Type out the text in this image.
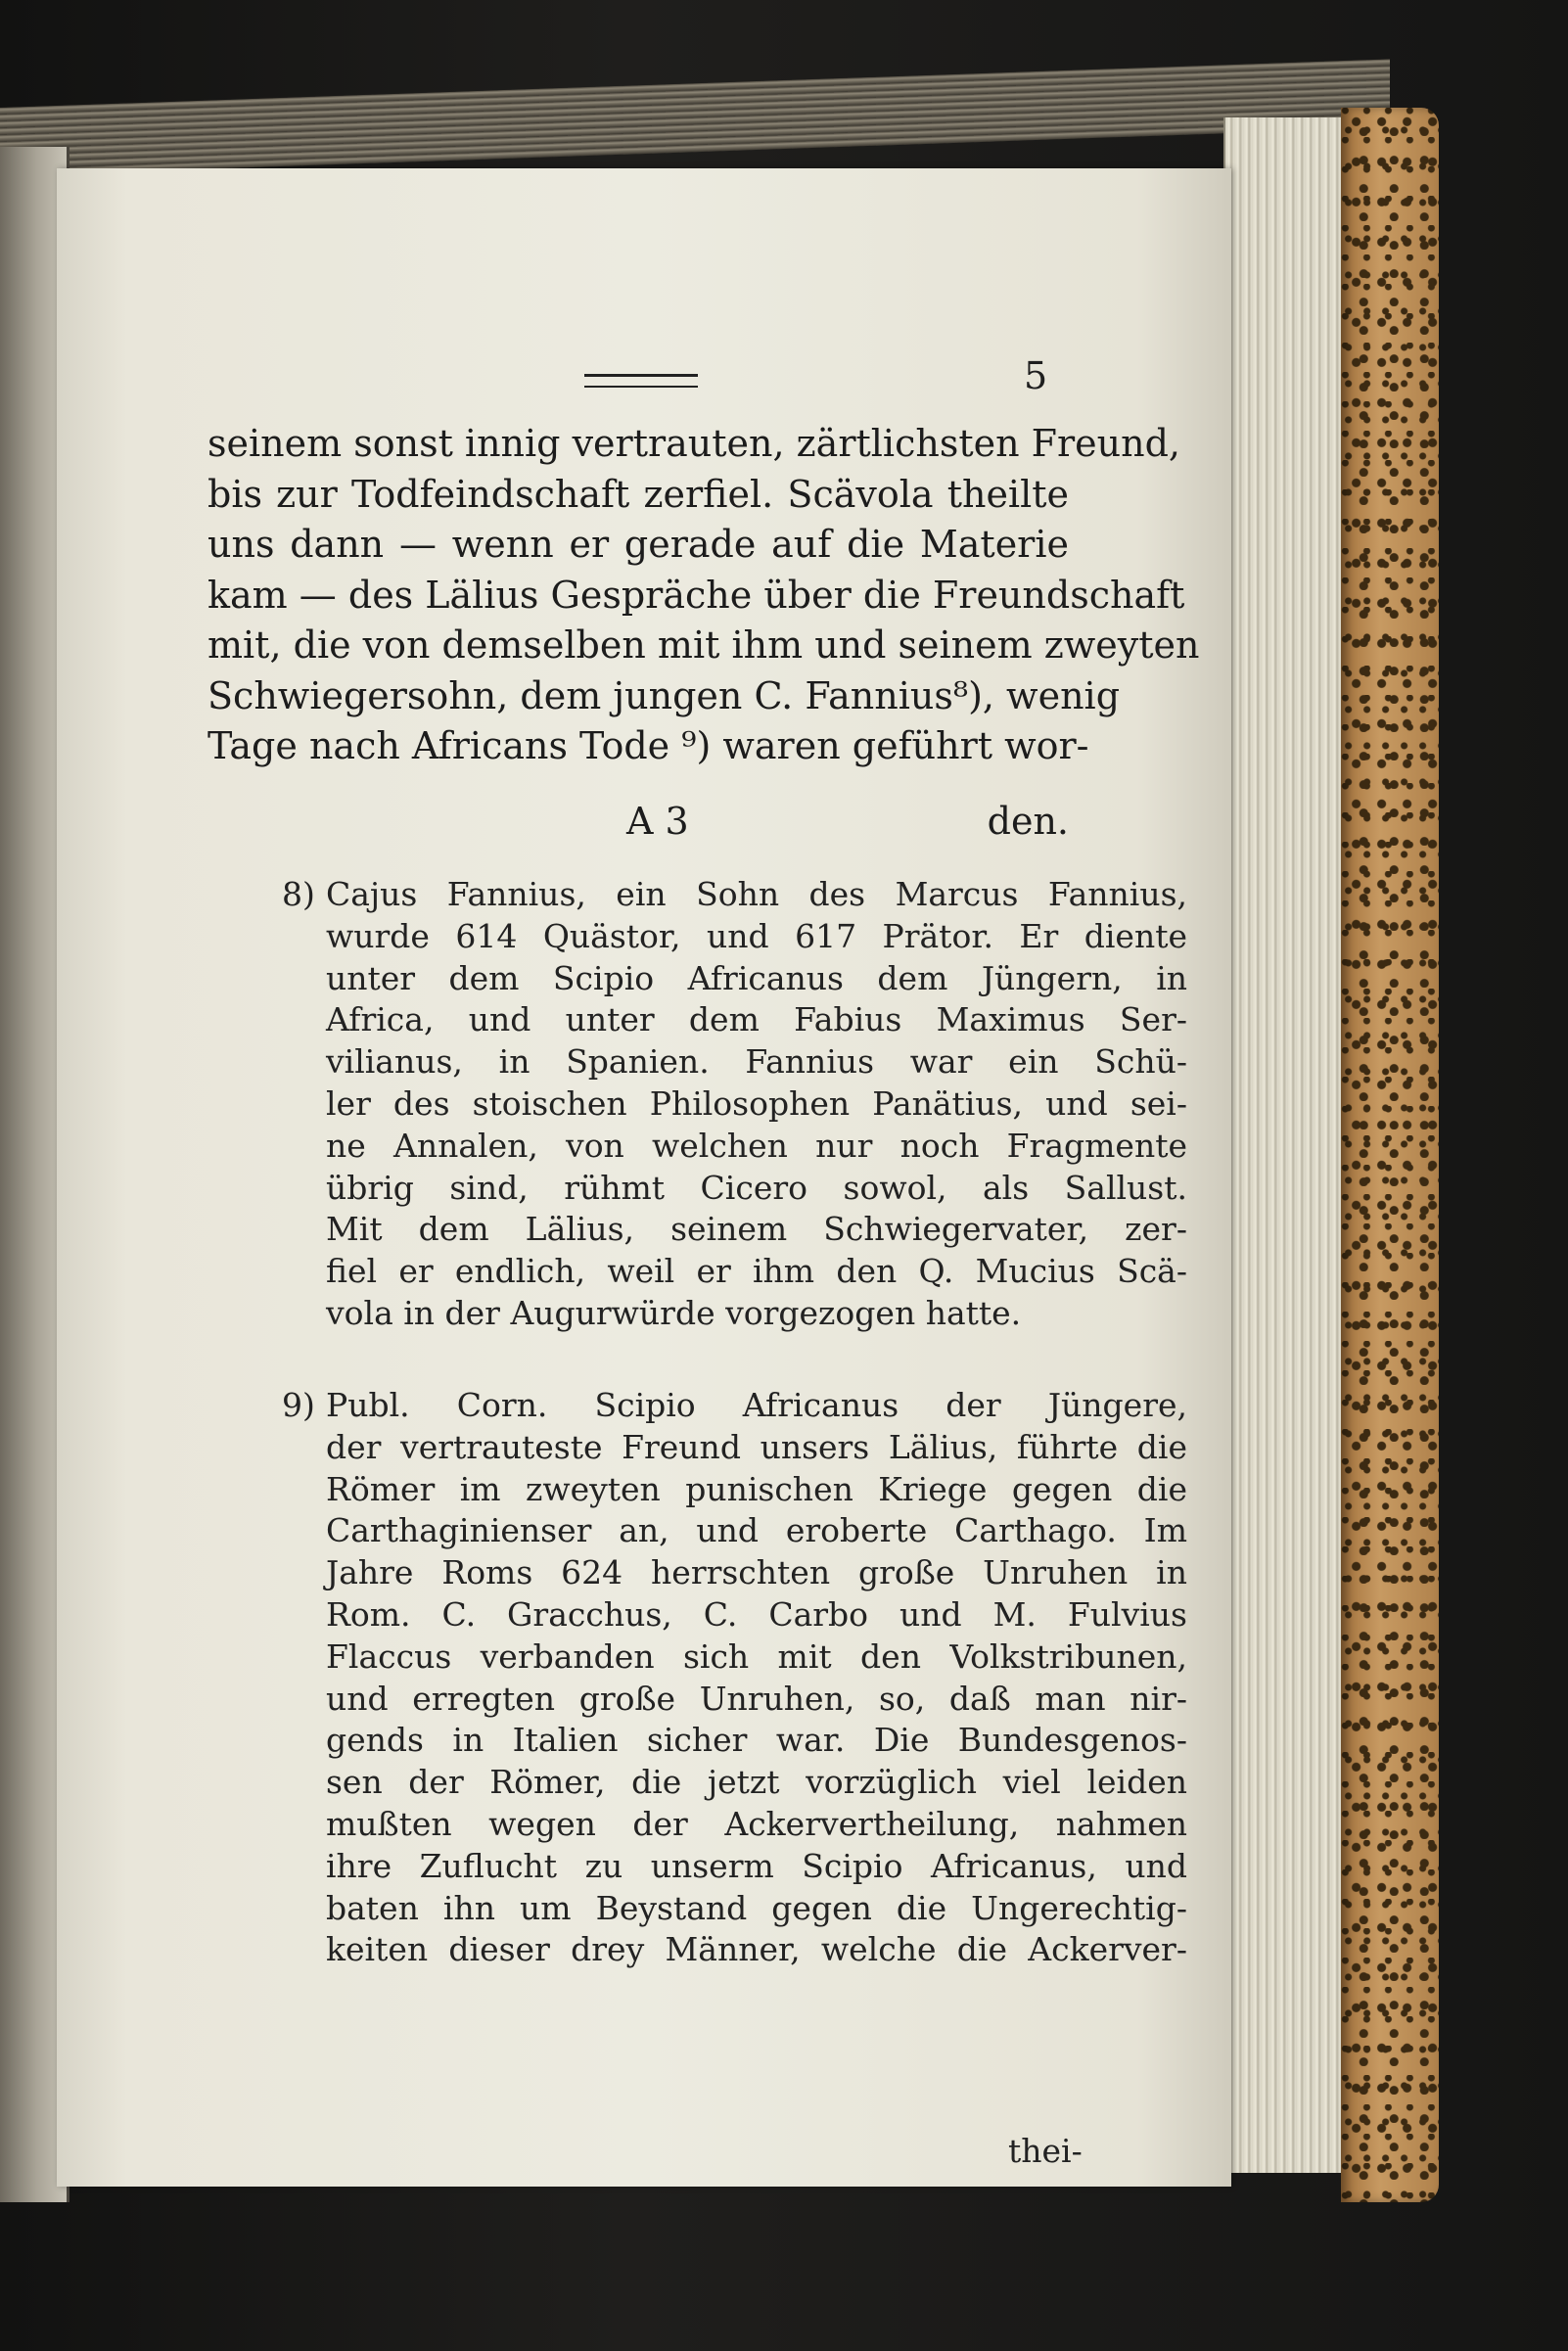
5
seinem sonst innig vertrauten, zärtlichsten Freund,
bis zur Todfeindschaft zerfiel. Scävola theilte
uns dann — wenn er gerade auf die Materie
kam — des Lälius Gespräche über die Freundschaft
mit, die von demselben mit ihm und seinem zweyten
Schwiegersohn, dem jungen C. Fannius⁸), wenig
Tage nach Africans Tode ⁹) waren geführt wor-
A 3	den.
8) Cajus Fannius, ein Sohn des Marcus Fannius,
wurde 614 Quästor, und 617 Prätor. Er diente
unter dem Scipio Africanus dem Jüngern, in
Africa, und unter dem Fabius Maximus Ser-
vilianus, in Spanien. Fannius war ein Schü-
ler des stoischen Philosophen Panätius, und sei-
ne Annalen, von welchen nur noch Fragmente
übrig sind, rühmt Cicero sowol, als Sallust.
Mit dem Lälius, seinem Schwiegervater, zer-
fiel er endlich, weil er ihm den Q. Mucius Scä-
vola in der Augurwürde vorgezogen hatte.
9) Publ. Corn. Scipio Africanus der Jüngere,
der vertrauteste Freund unsers Lälius, führte die
Römer im zweyten punischen Kriege gegen die
Carthaginienser an, und eroberte Carthago. Im
Jahre Roms 624 herrschten große Unruhen in
Rom. C. Gracchus, C. Carbo und M. Fulvius
Flaccus verbanden sich mit den Volkstribunen,
und erregten große Unruhen, so, daß man nir-
gends in Italien sicher war. Die Bundesgenos-
sen der Römer, die jetzt vorzüglich viel leiden
mußten wegen der Ackervertheilung, nahmen
ihre Zuflucht zu unserm Scipio Africanus, und
baten ihn um Beystand gegen die Ungerechtig-
keiten dieser drey Männer, welche die Ackerver-
thei-
